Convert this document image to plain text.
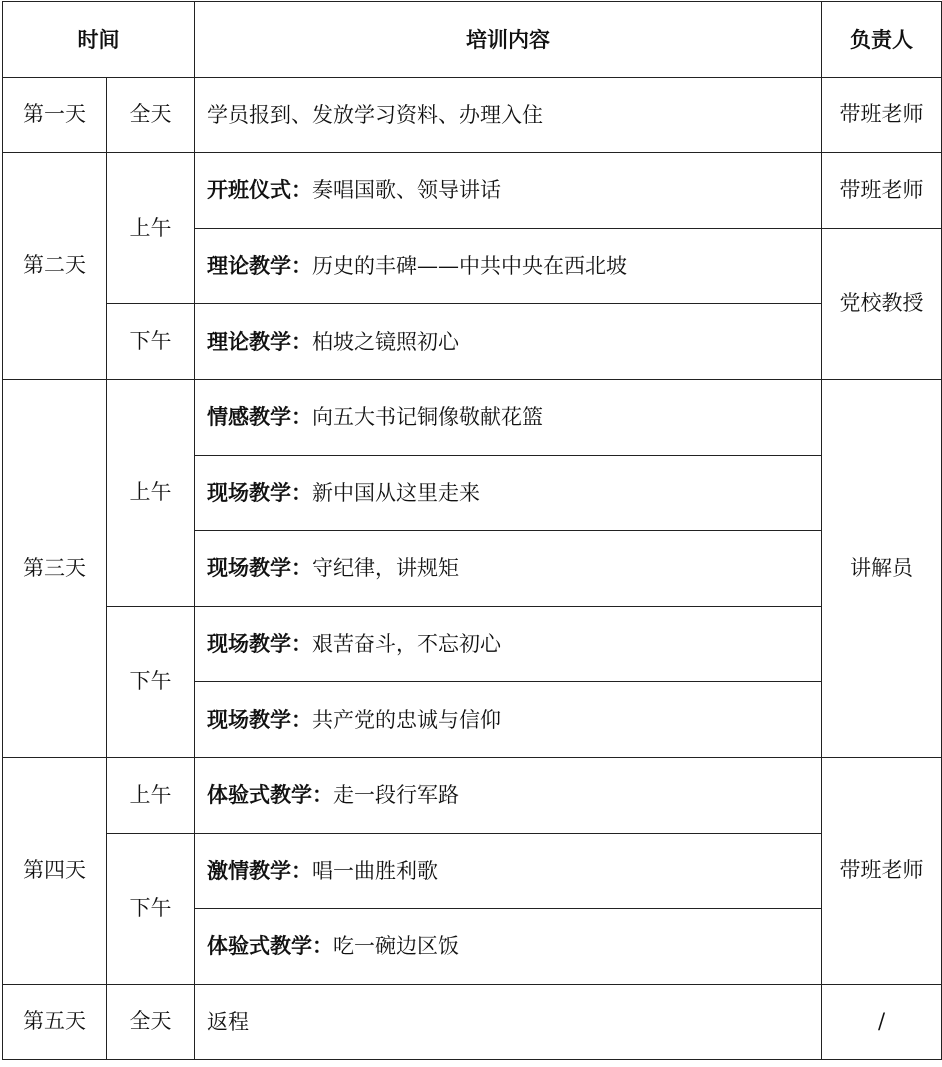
时间		培训内容	负责人
第一天	全天	学员报到、发放学习资料、办理入住	带班老师
第二天	上午	开班仪式：奏唱国歌、领导讲话	带班老师
		理论教学：历史的丰碑——中共中央在西北坡	党校教授
	下午	理论教学：柏坡之镜照初心	
第三天	上午	情感教学：向五大书记铜像敬献花篮	讲解员
		现场教学：新中国从这里走来	
		现场教学：守纪律，讲规矩	
	下午	现场教学：艰苦奋斗，不忘初心	
		现场教学：共产党的忠诚与信仰	
第四天	上午	体验式教学：走一段行军路	带班老师
	下午	激情教学：唱一曲胜利歌	
		体验式教学：吃一碗边区饭	
第五天	全天	返程	/
